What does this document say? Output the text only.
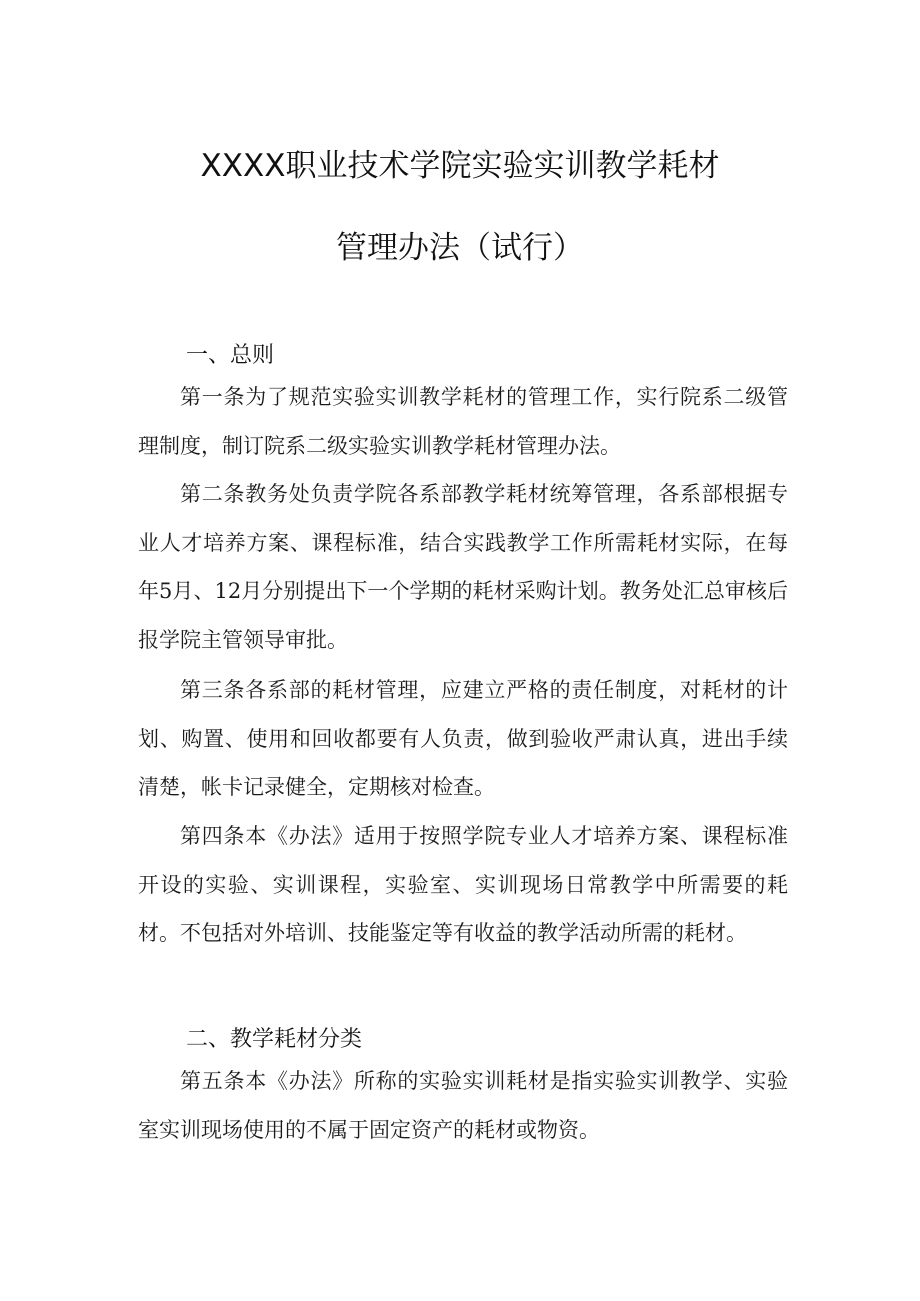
XXXX职业技术学院实验实训教学耗材
管理办法（试行）
一、总则

第一条为了规范实验实训教学耗材的管理工作，实行院系二级管理制度，制订院系二级实验实训教学耗材管理办法。

第二条教务处负责学院各系部教学耗材统筹管理，各系部根据专业人才培养方案、课程标准，结合实践教学工作所需耗材实际，在每年5月、12月分别提出下一个学期的耗材采购计划。教务处汇总审核后报学院主管领导审批。

第三条各系部的耗材管理，应建立严格的责任制度，对耗材的计划、购置、使用和回收都要有人负责，做到验收严肃认真，进出手续清楚，帐卡记录健全，定期核对检查。

第四条本《办法》适用于按照学院专业人才培养方案、课程标准开设的实验、实训课程，实验室、实训现场日常教学中所需要的耗材。不包括对外培训、技能鉴定等有收益的教学活动所需的耗材。

二、教学耗材分类

第五条本《办法》所称的实验实训耗材是指实验实训教学、实验室实训现场使用的不属于固定资产的耗材或物资。
